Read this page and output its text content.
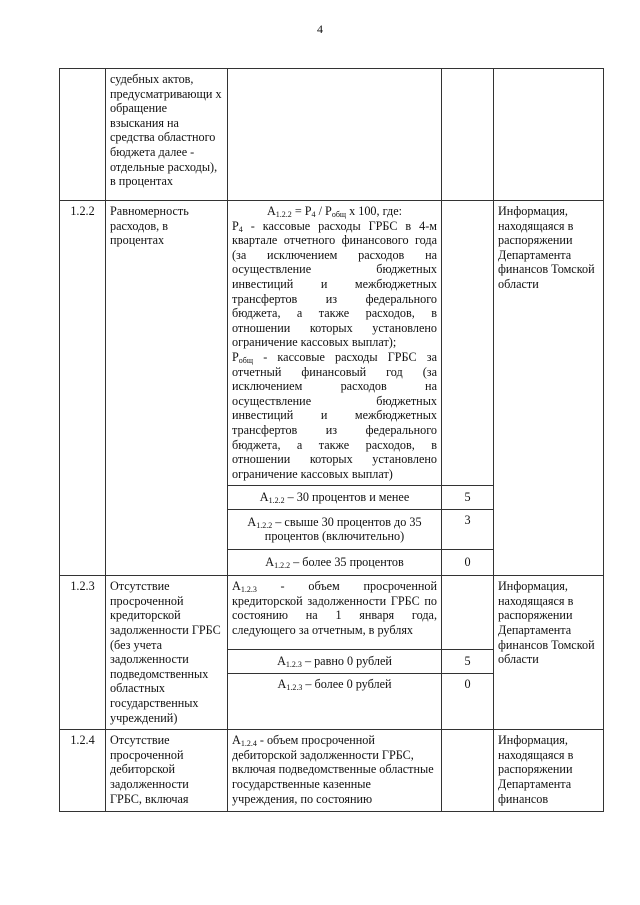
4
	судебных актов, предусматривающи х обращение взыскания на средства областного бюджета далее - отдельные расходы), в процентах			
1.2.2	Равномерность расходов, в процентах	$А_{1.2.2} = Р_4 / Р_{общ}$ х 100, где:
$Р_4$ - кассовые расходы ГРБС в 4-м квартале отчетного финансового года (за исключением расходов на осуществление бюджетных инвестиций и межбюджетных трансфертов из федерального бюджета, а также расходов, в отношении которых установлено ограничение кассовых выплат);
$Р_{общ}$ - кассовые расходы ГРБС за отчетный финансовый год (за исключением расходов на осуществление бюджетных инвестиций и межбюджетных трансфертов из федерального бюджета, а также расходов, в отношении которых установлено ограничение кассовых выплат)		Информация, находящаяся в распоряжении Департамента финансов Томской области
		$А_{1.2.2} - 30$ процентов и менее	5	
		$А_{1.2.2}$ – свыше 30 процентов до 35 процентов (включительно)	3	
		$А_{1.2.2}$ – более 35 процентов	0	
1.2.3	Отсутствие просроченной кредиторской задолженности ГРБС (без учета задолженности подведомственных областных государственных учреждений)	$А_{1.2.3}$ - объем просроченной кредиторской задолженности ГРБС по состоянию на 1 января года, следующего за отчетным, в рублях		Информация, находящаяся в распоряжении Департамента финансов Томской области
		$А_{1.2.3}$ – равно 0 рублей	5	
		$А_{1.2.3}$ – более 0 рублей	0	
1.2.4	Отсутствие просроченной дебиторской задолженности ГРБС, включая	$А_{1.2.4}$ - объем просроченной дебиторской задолженности ГРБС, включая подведомственные областные государственные казенные учреждения, по состоянию		Информация, находящаяся в распоряжении Департамента финансов
